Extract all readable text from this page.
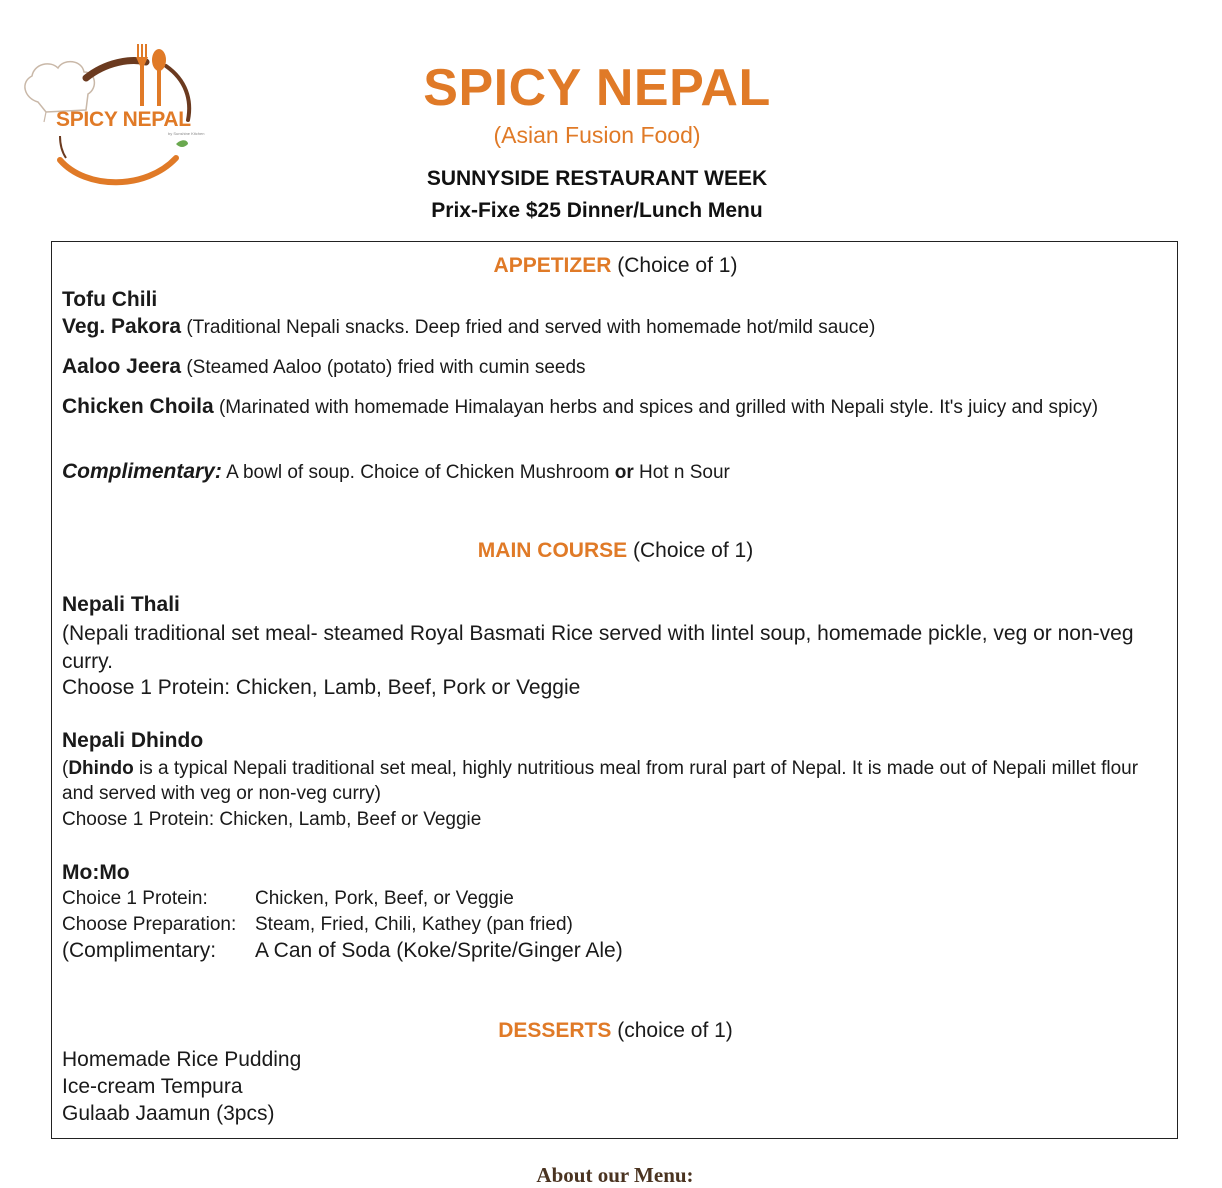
SPICY NEPAL
by Sunshine Kitchen
SPICY NEPAL
(Asian Fusion Food)
SUNNYSIDE RESTAURANT WEEK
Prix-Fixe $25 Dinner/Lunch Menu
APPETIZER (Choice of 1)
Tofu Chili
Veg. Pakora (Traditional Nepali snacks. Deep fried and served with homemade hot/mild sauce)
Aaloo Jeera (Steamed Aaloo (potato) fried with cumin seeds
Chicken Choila (Marinated with homemade Himalayan herbs and spices and grilled with Nepali style. It's juicy and spicy)
Complimentary: A bowl of soup. Choice of Chicken Mushroom or Hot n Sour
MAIN COURSE (Choice of 1)
Nepali Thali
(Nepali traditional set meal- steamed Royal Basmati Rice served with lintel soup, homemade pickle, veg or non-veg curry.
Choose 1 Protein: Chicken, Lamb, Beef, Pork or Veggie
Nepali Dhindo
(Dhindo is a typical Nepali traditional set meal, highly nutritious meal from rural part of Nepal. It is made out of Nepali millet flour and served with veg or non-veg curry)
Choose 1 Protein: Chicken, Lamb, Beef or Veggie
Mo:Mo
Choice 1 Protein: Chicken, Pork, Beef, or Veggie
Choose Preparation: Steam, Fried, Chili, Kathey (pan fried)
(Complimentary: A Can of Soda (Koke/Sprite/Ginger Ale)
DESSERTS (choice of 1)
Homemade Rice Pudding
Ice-cream Tempura
Gulaab Jaamun (3pcs)
About our Menu:
